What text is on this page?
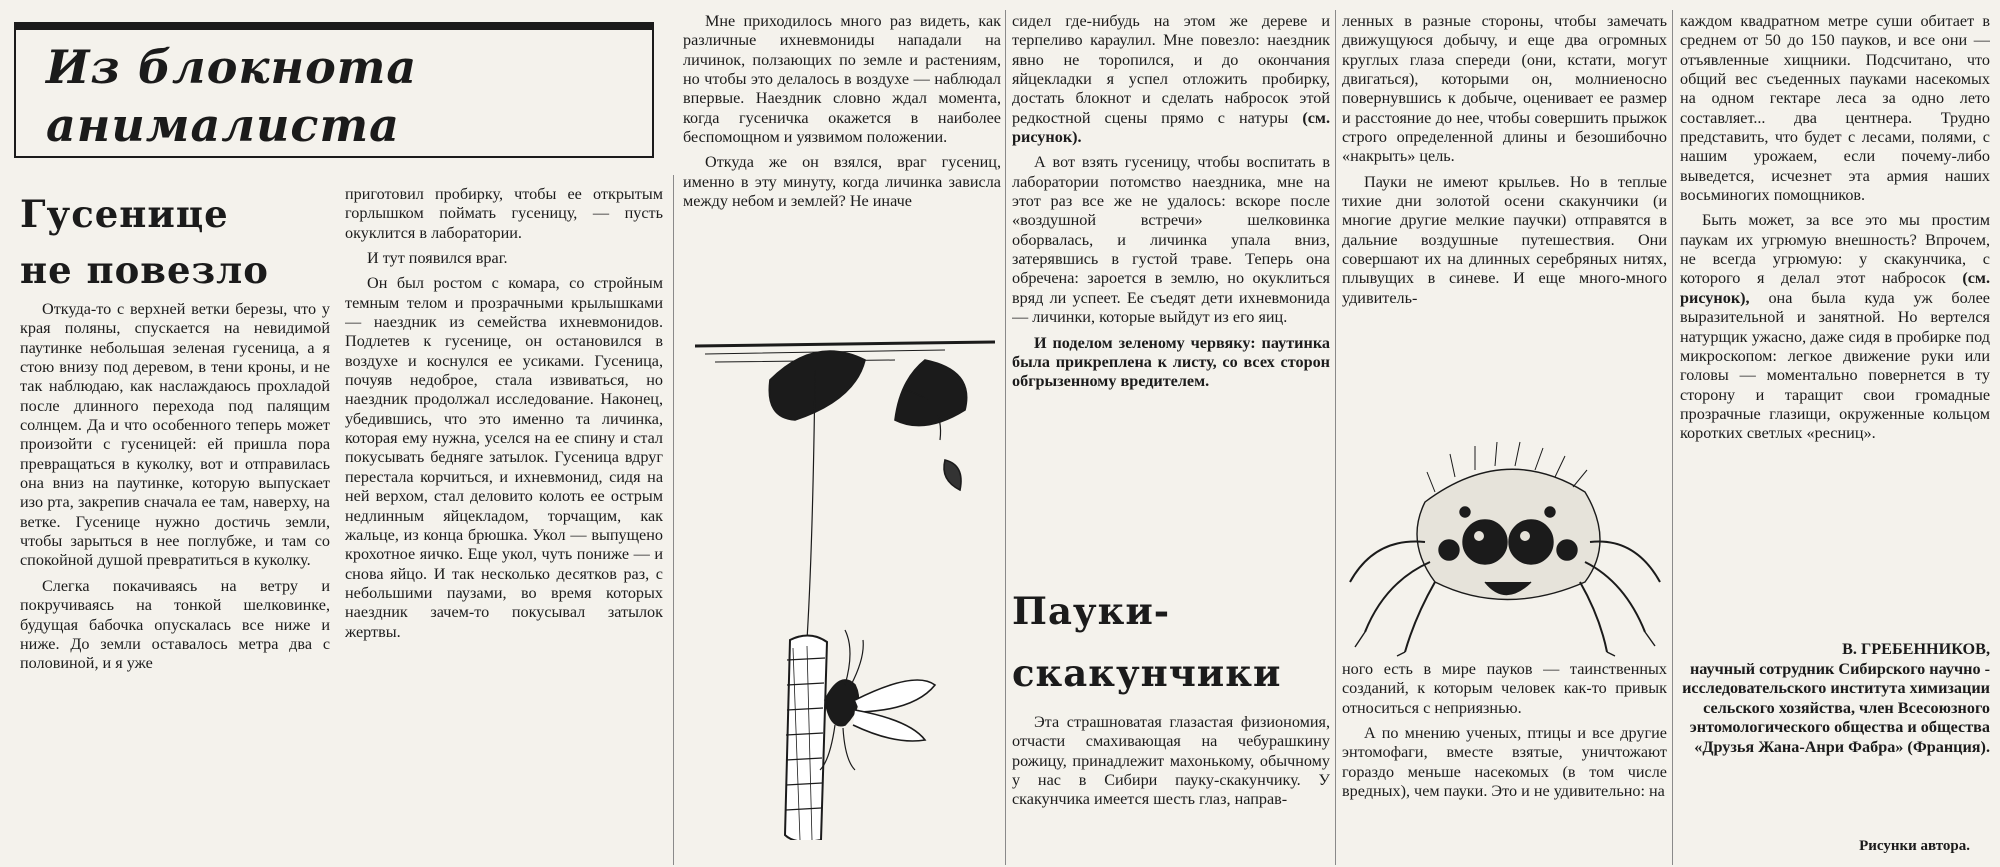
Из блокнота анималиста
Гусенице
не повезло

Откуда-то с верхней ветки березы, что у края поляны, спускается на невидимой паутинке небольшая зеленая гусеница, а я стою внизу под деревом, в тени кроны, и не так наблюдаю, как наслаждаюсь прохладой после длинного перехода под палящим солнцем. Да и что особенного теперь может произойти с гусеницей: ей пришла пора превращаться в куколку, вот и отправилась она вниз на паутинке, которую выпускает изо рта, закрепив сначала ее там, наверху, на ветке. Гусенице нужно достичь земли, чтобы зарыться в нее поглубже, и там со спокойной душой превратиться в куколку.

Слегка покачиваясь на ветру и покручиваясь на тонкой шелковинке, будущая бабочка опускалась все ниже и ниже. До земли оставалось метра два с половиной, и я уже

приготовил пробирку, чтобы ее открытым горлышком поймать гусеницу, — пусть окуклится в лаборатории.

И тут появился враг.

Он был ростом с комара, со стройным темным телом и прозрачными крылышками — наездник из семейства ихневмонидов. Подлетев к гусенице, он остановился в воздухе и коснулся ее усиками. Гусеница, почуяв недоброе, стала извиваться, но наездник продолжал исследование. Наконец, убедившись, что это именно та личинка, которая ему нужна, уселся на ее спину и стал покусывать бедняге затылок. Гусеница вдруг перестала корчиться, и ихневмонид, сидя на ней верхом, стал деловито колоть ее острым недлинным яйцекладом, торчащим, как жальце, из конца брюшка. Укол — выпущено крохотное яичко. Еще укол, чуть пониже — и снова яйцо. И так несколько десятков раз, с небольшими паузами, во время которых наездник зачем-то покусывал затылок жертвы.

Мне приходилось много раз видеть, как различные ихневмониды нападали на личинок, ползающих по земле и растениям, но чтобы это делалось в воздухе — наблюдал впервые. Наездник словно ждал момента, когда гусеничка окажется в наиболее беспомощном и уязвимом положении.

Откуда же он взялся, враг гусениц, именно в эту минуту, когда личинка зависла между небом и землей? Не иначе

сидел где-нибудь на этом же дереве и терпеливо караулил. Мне повезло: наездник явно не торопился, и до окончания яйцекладки я успел отложить пробирку, достать блокнот и сделать набросок этой редкостной сцены прямо с натуры (см. рисунок).

А вот взять гусеницу, чтобы воспитать в лаборатории потомство наездника, мне на этот раз все же не удалось: вскоре после «воздушной встречи» шелковинка оборвалась, и личинка упала вниз, затерявшись в густой траве. Теперь она обречена: зароется в землю, но окуклиться вряд ли успеет. Ее съедят дети ихневмонида — личинки, которые выйдут из его яиц.

И поделом зеленому червяку: паутинка была прикреплена к листу, со всех сторон обгрызенному вредителем.

Пауки-
скакунчики

Эта страшноватая глазастая физиономия, отчасти смахивающая на чебурашкину рожицу, принадлежит махонькому, обычному у нас в Сибири пауку-скакунчику. У скакунчика имеется шесть глаз, направ-

ленных в разные стороны, чтобы замечать движущуюся добычу, и еще два огромных круглых глаза спереди (они, кстати, могут двигаться), которыми он, молниеносно повернувшись к добыче, оценивает ее размер и расстояние до нее, чтобы совершить прыжок строго определенной длины и безошибочно «накрыть» цель.

Пауки не имеют крыльев. Но в теплые тихие дни золотой осени скакунчики (и многие другие мелкие паучки) отправятся в дальние воздушные путешествия. Они совершают их на длинных серебряных нитях, плывущих в синеве. И еще много-много удивитель-

ного есть в мире пауков — таинственных созданий, к которым человек как-то привык относиться с неприязнью.

А по мнению ученых, птицы и все другие энтомофаги, вместе взятые, уничтожают гораздо меньше насекомых (в том числе вредных), чем пауки. Это и не удивительно: на

каждом квадратном метре суши обитает в среднем от 50 до 150 пауков, и все они — отъявленные хищники. Подсчитано, что общий вес съеденных пауками насекомых на одном гектаре леса за одно лето составляет... два центнера. Трудно представить, что будет с лесами, полями, с нашим урожаем, если почему-либо выведется, исчезнет эта армия наших восьминогих помощников.

Быть может, за все это мы простим паукам их угрюмую внешность? Впрочем, не всегда угрюмую: у скакунчика, с которого я делал этот набросок (см. рисунок), она была куда уж более выразительной и занятной. Но вертелся натурщик ужасно, даже сидя в пробирке под микроскопом: легкое движение руки или головы — моментально повернется в ту сторону и таращит свои громадные прозрачные глазищи, окруженные кольцом коротких светлых «ресниц».

В. ГРЕБЕННИКОВ,
научный сотрудник Сибирского научно - исследовательского института химизации сельского хозяйства, член Всесоюзного энтомологического общества и общества «Друзья Жана-Анри Фабра» (Франция).
Рисунки автора.
